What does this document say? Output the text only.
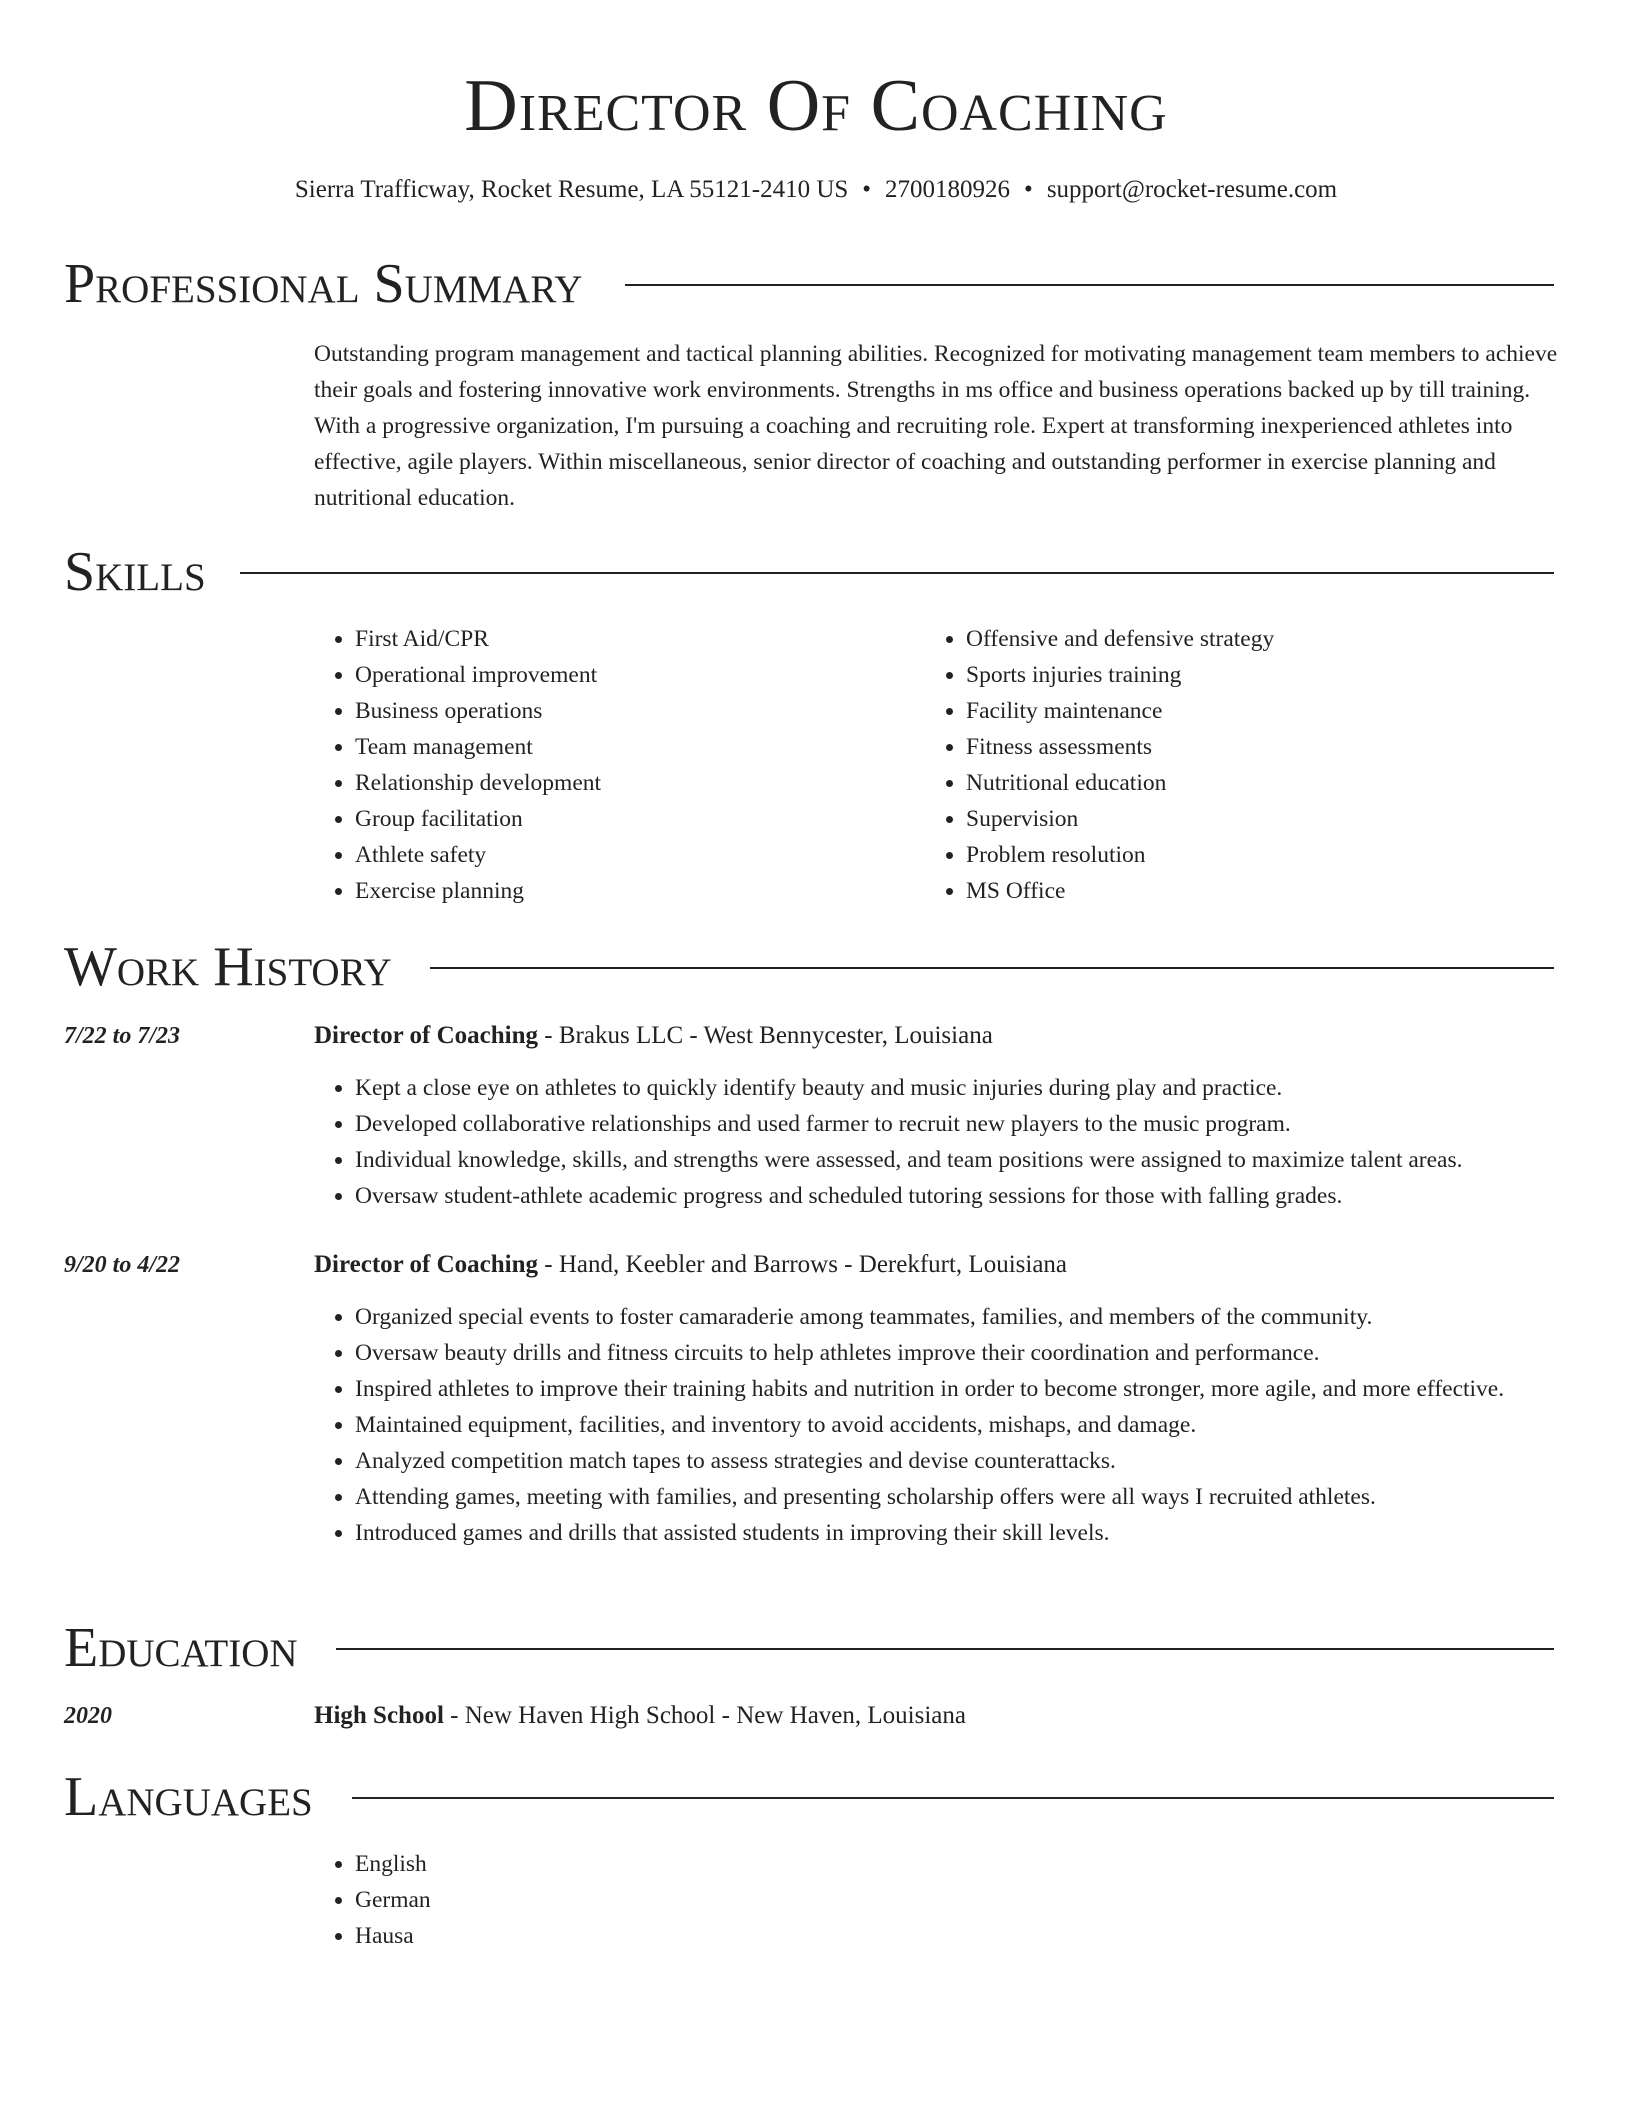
Director Of Coaching
Sierra Trafficway, Rocket Resume, LA 55121-2410 US • 2700180926 • support@rocket-resume.com
Professional Summary

Outstanding program management and tactical planning abilities. Recognized for motivating management team members to achieve their goals and fostering innovative work environments. Strengths in ms office and business operations backed up by till training. With a progressive organization, I'm pursuing a coaching and recruiting role. Expert at transforming inexperienced athletes into effective, agile players. Within miscellaneous, senior director of coaching and outstanding performer in exercise planning and nutritional education.

Skills
• First Aid/CPR
• Operational improvement
• Business operations
• Team management
• Relationship development
• Group facilitation
• Athlete safety
• Exercise planning
• Offensive and defensive strategy
• Sports injuries training
• Facility maintenance
• Fitness assessments
• Nutritional education
• Supervision
• Problem resolution
• MS Office
Work History
7/22 to 7/23	Director of Coaching - Brakus LLC - West Bennycester, Louisiana
• Kept a close eye on athletes to quickly identify beauty and music injuries during play and practice.
• Developed collaborative relationships and used farmer to recruit new players to the music program.
• Individual knowledge, skills, and strengths were assessed, and team positions were assigned to maximize talent areas.
• Oversaw student-athlete academic progress and scheduled tutoring sessions for those with falling grades.
9/20 to 4/22	Director of Coaching - Hand, Keebler and Barrows - Derekfurt, Louisiana
• Organized special events to foster camaraderie among teammates, families, and members of the community.
• Oversaw beauty drills and fitness circuits to help athletes improve their coordination and performance.
• Inspired athletes to improve their training habits and nutrition in order to become stronger, more agile, and more effective.
• Maintained equipment, facilities, and inventory to avoid accidents, mishaps, and damage.
• Analyzed competition match tapes to assess strategies and devise counterattacks.
• Attending games, meeting with families, and presenting scholarship offers were all ways I recruited athletes.
• Introduced games and drills that assisted students in improving their skill levels.
Education
2020	High School - New Haven High School - New Haven, Louisiana
Languages
• English
• German
• Hausa
